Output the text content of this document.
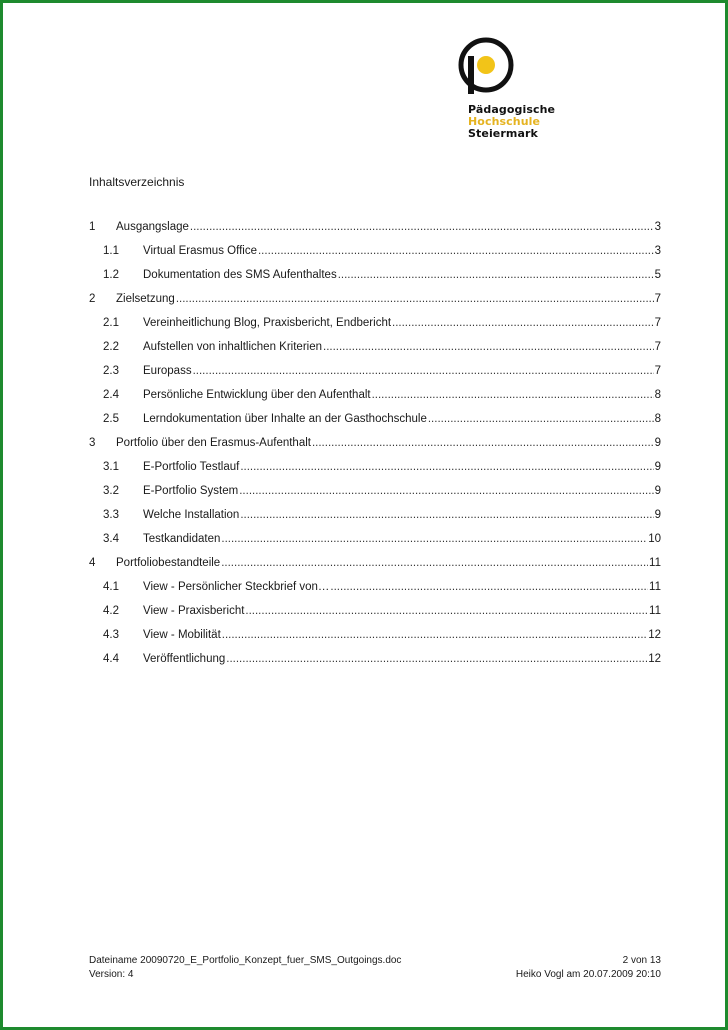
Pädagogische
Hochschule
Steiermark
Inhaltsverzeichnis
1	Ausgangslage .....	3
1.1	Virtual Erasmus Office .....	3
1.2	Dokumentation des SMS Aufenthaltes .....	5
2	Zielsetzung .....	7
2.1	Vereinheitlichung Blog, Praxisbericht, Endbericht .....	7
2.2	Aufstellen von inhaltlichen Kriterien .....	7
2.3	Europass .....	7
2.4	Persönliche Entwicklung über den Aufenthalt .....	8
2.5	Lerndokumentation über Inhalte an der Gasthochschule .....	8
3	Portfolio über den Erasmus-Aufenthalt .....	9
3.1	E-Portfolio Testlauf .....	9
3.2	E-Portfolio System .....	9
3.3	Welche Installation .....	9
3.4	Testkandidaten .....	10
4	Portfoliobestandteile .....	11
4.1	View - Persönlicher Steckbrief von… .....	11
4.2	View - Praxisbericht .....	11
4.3	View - Mobilität .....	12
4.4	Veröffentlichung .....	12
Dateiname 20090720_E_Portfolio_Konzept_fuer_SMS_Outgoings.doc	2 von 13
Version: 4	Heiko Vogl am 20.07.2009 20:10
